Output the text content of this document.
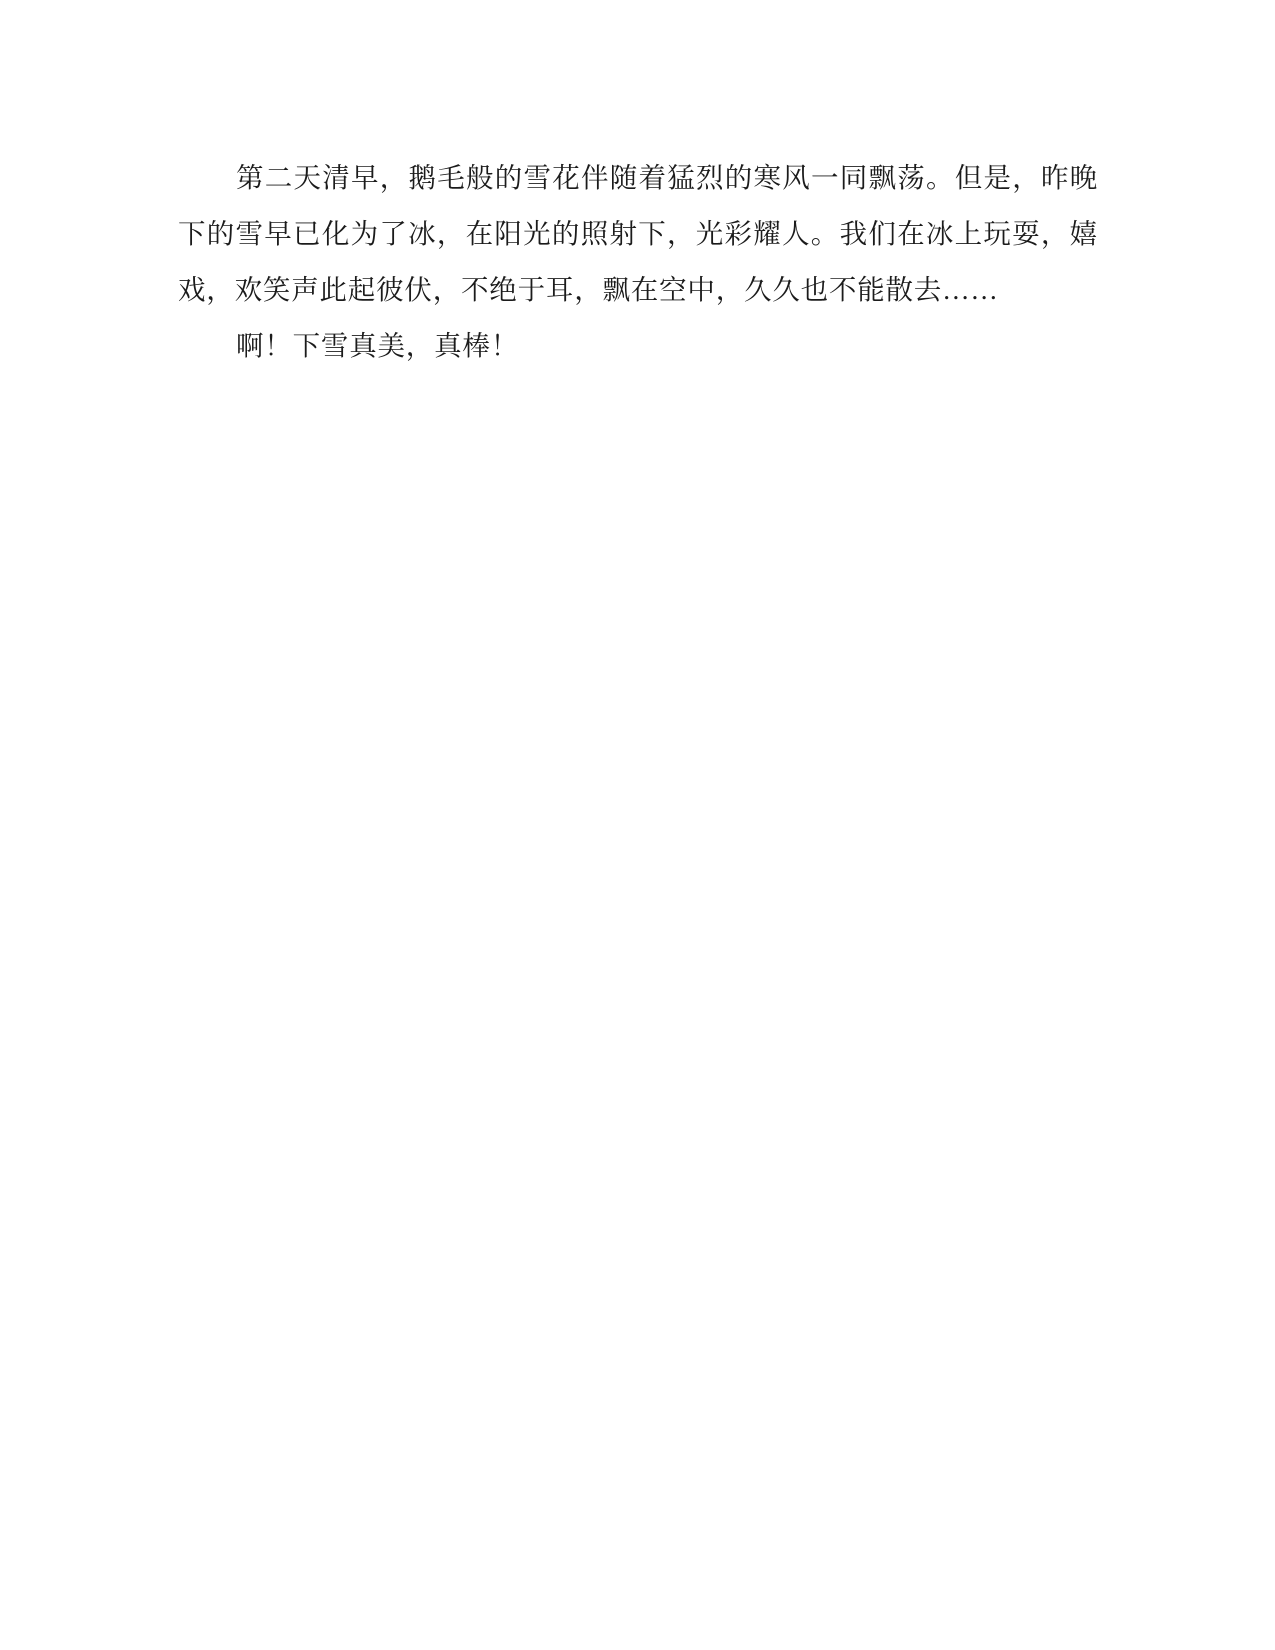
第二天清早，鹅毛般的雪花伴随着猛烈的寒风一同飘荡。但是，昨晚下的雪早已化为了冰，在阳光的照射下，光彩耀人。我们在冰上玩耍，嬉戏，欢笑声此起彼伏，不绝于耳，飘在空中，久久也不能散去……

啊！下雪真美，真棒！
